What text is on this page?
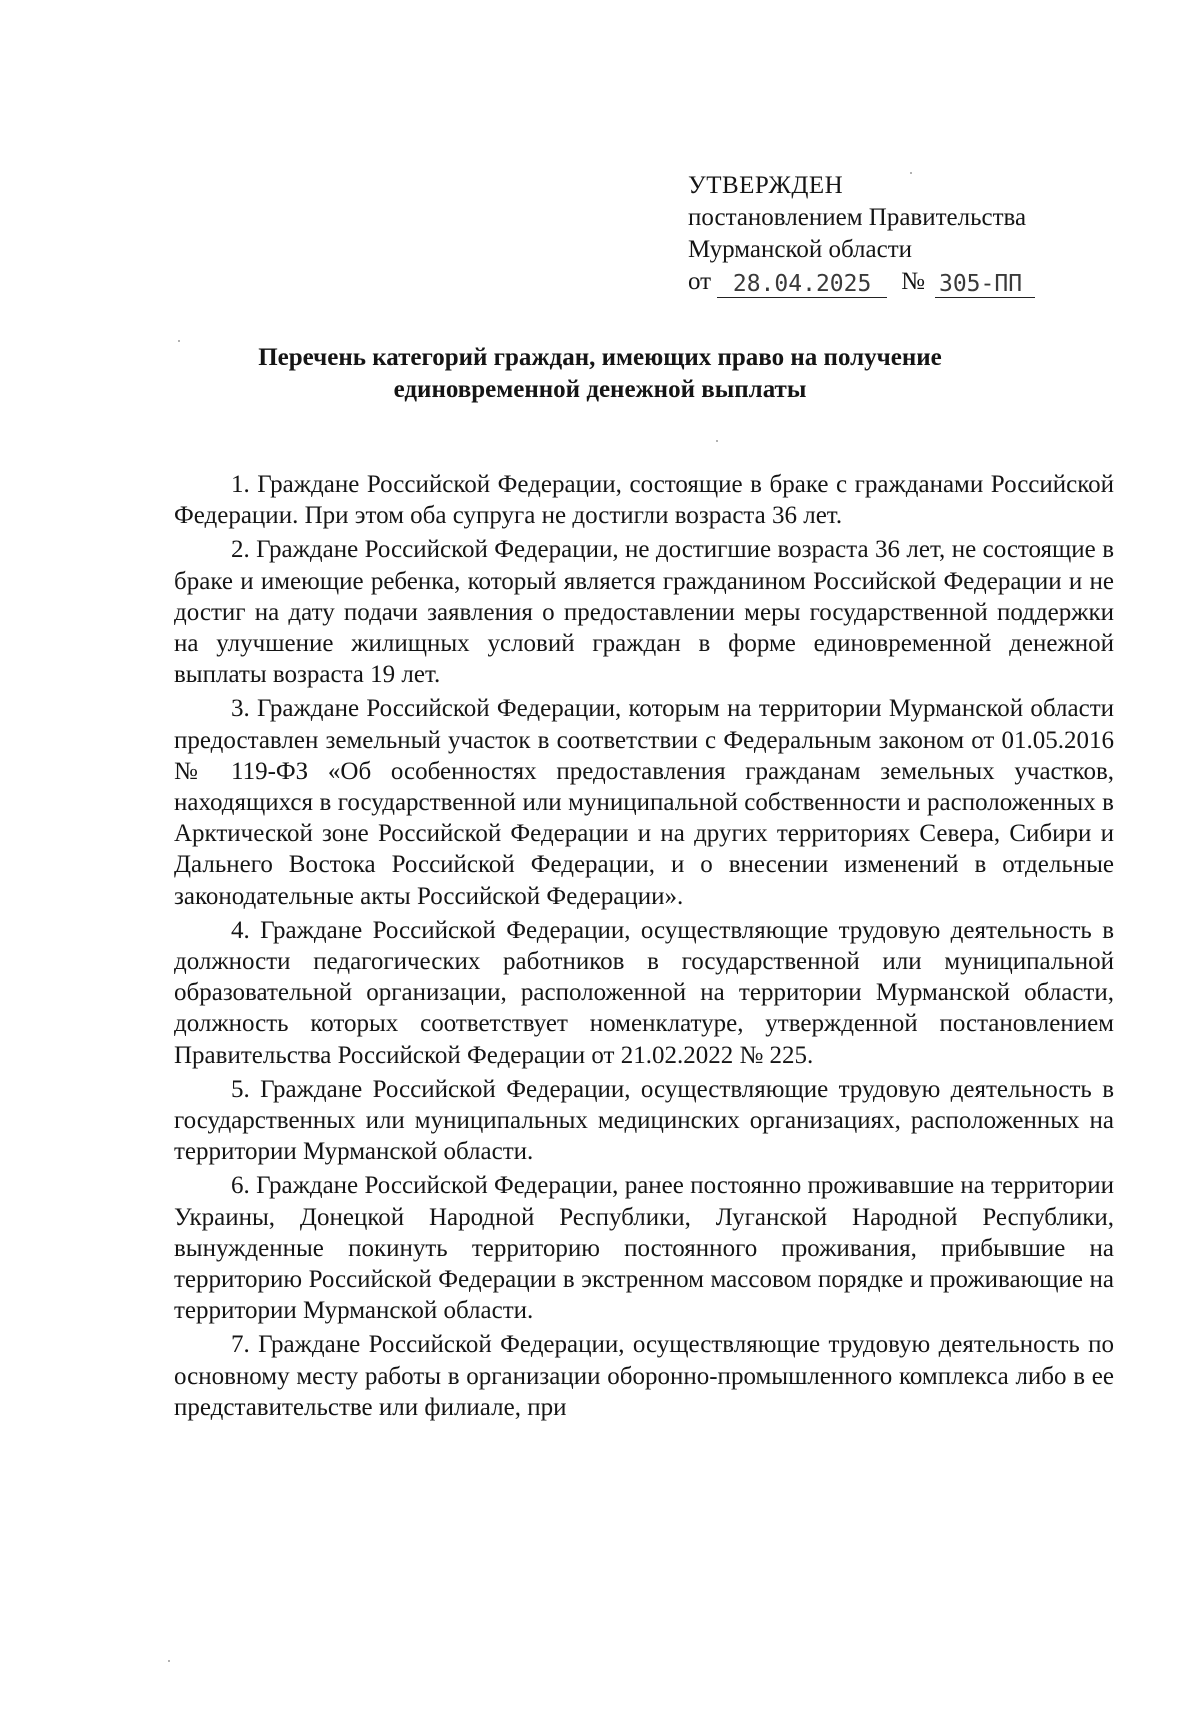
УТВЕРЖДЕН
постановлением Правительства
Мурманской области
от 28.04.2025	№ 305-ПП
Перечень категорий граждан, имеющих право на получение
единовременной денежной выплаты

1. Граждане Российской Федерации, состоящие в браке с гражданами Российской Федерации. При этом оба супруга не достигли возраста 36 лет.

2. Граждане Российской Федерации, не достигшие возраста 36 лет, не состоящие в браке и имеющие ребенка, который является гражданином Российской Федерации и не достиг на дату подачи заявления о предоставлении меры государственной поддержки на улучшение жилищных условий граждан в форме единовременной денежной выплаты возраста 19 лет.

3. Граждане Российской Федерации, которым на территории Мурманской области предоставлен земельный участок в соответствии с Федеральным законом от 01.05.2016 № 119-ФЗ «Об особенностях предоставления гражданам земельных участков, находящихся в государственной или муниципальной собственности и расположенных в Арктической зоне Российской Федерации и на других территориях Севера, Сибири и Дальнего Востока Российской Федерации, и о внесении изменений в отдельные законодательные акты Российской Федерации».

4. Граждане Российской Федерации, осуществляющие трудовую деятельность в должности педагогических работников в государственной или муниципальной образовательной организации, расположенной на территории Мурманской области, должность которых соответствует номенклатуре, утвержденной постановлением Правительства Российской Федерации от 21.02.2022 № 225.

5. Граждане Российской Федерации, осуществляющие трудовую деятельность в государственных или муниципальных медицинских организациях, расположенных на территории Мурманской области.

6. Граждане Российской Федерации, ранее постоянно проживавшие на территории Украины, Донецкой Народной Республики, Луганской Народной Республики, вынужденные покинуть территорию постоянного проживания, прибывшие на территорию Российской Федерации в экстренном массовом порядке и проживающие на территории Мурманской области.

7. Граждане Российской Федерации, осуществляющие трудовую деятельность по основному месту работы в организации оборонно-промышленного комплекса либо в ее представительстве или филиале, при
